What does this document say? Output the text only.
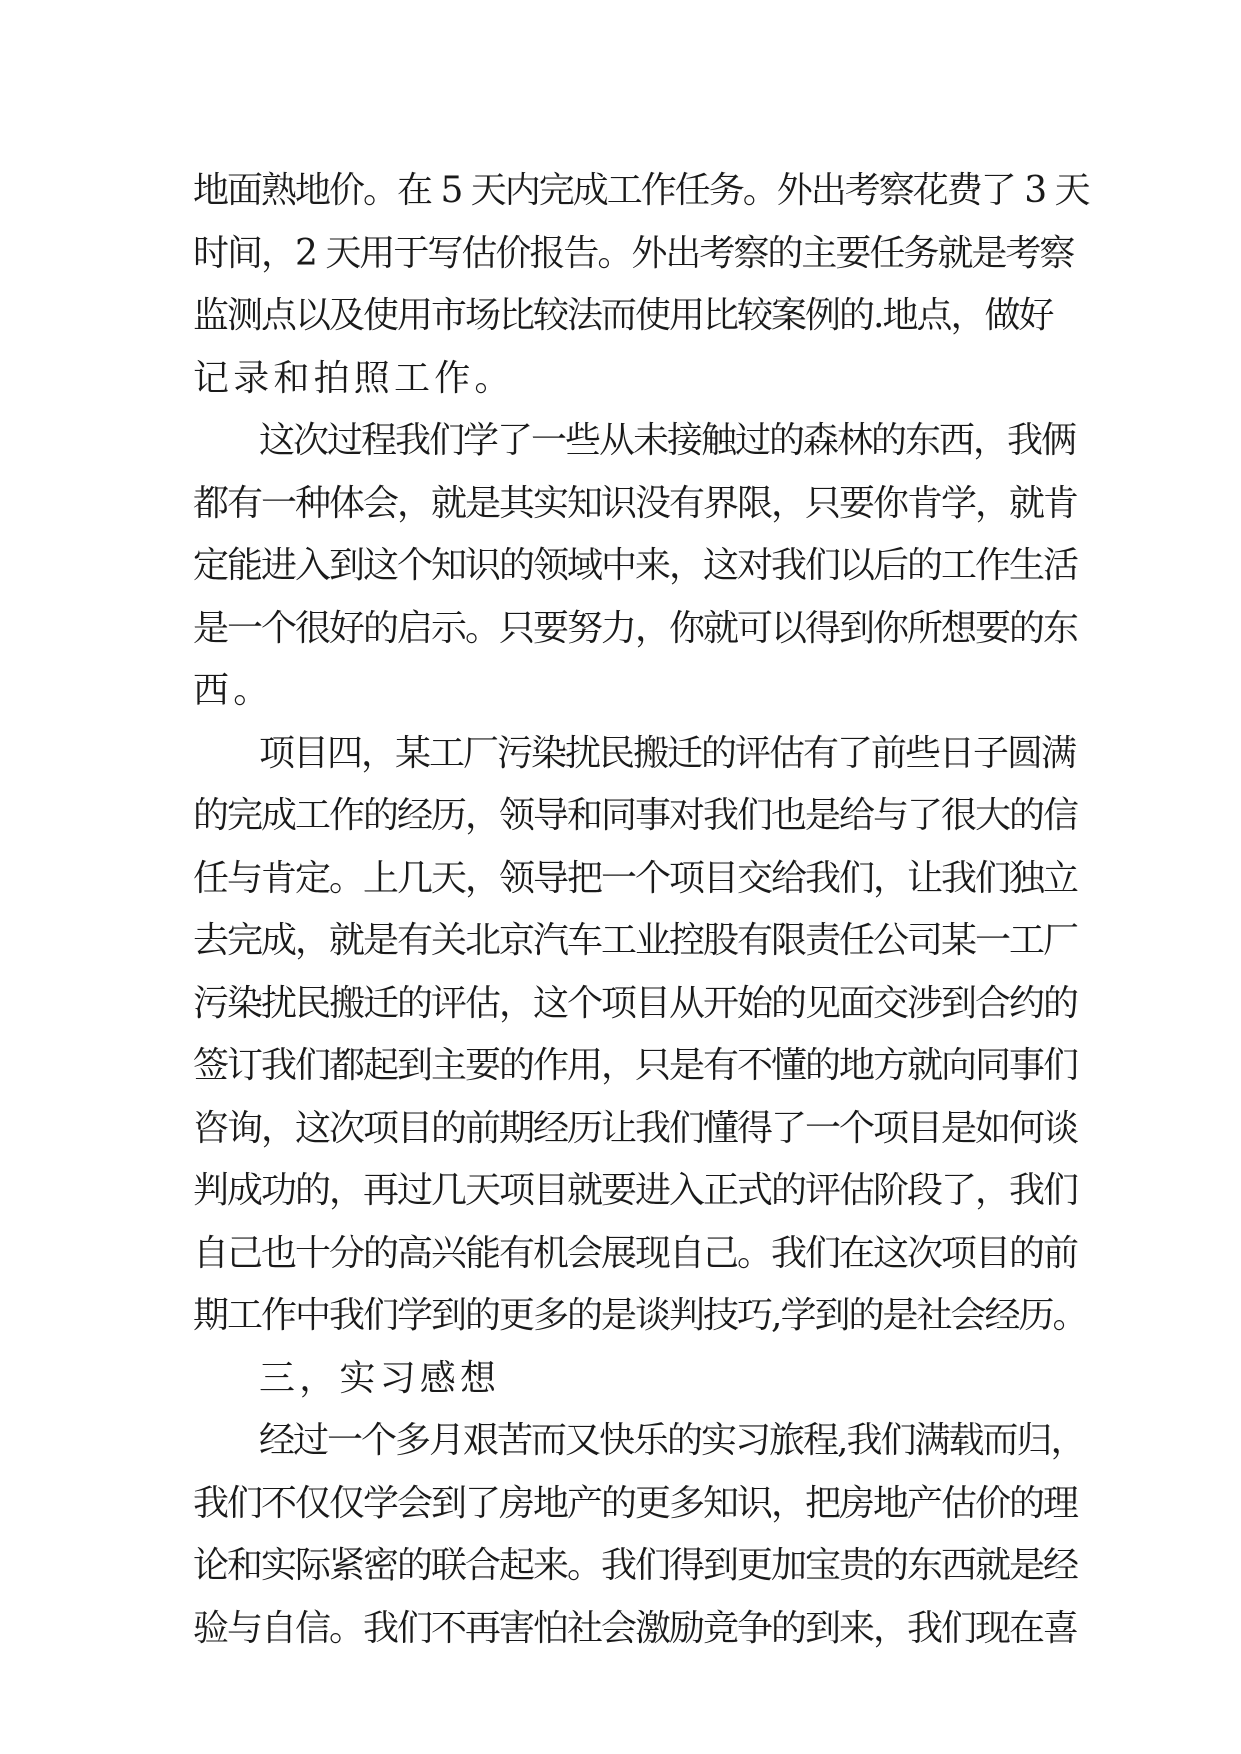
地面熟地价。在 5 天内完成工作任务。外出考察花费了 3 天
时间，2 天用于写估价报告。外出考察的主要任务就是考察
监测点以及使用市场比较法而使用比较案例的.地点，做好
记录和拍照工作。
这次过程我们学了一些从未接触过的森林的东西，我俩
都有一种体会，就是其实知识没有界限，只要你肯学，就肯
定能进入到这个知识的领域中来，这对我们以后的工作生活
是一个很好的启示。只要努力，你就可以得到你所想要的东
西。
项目四，某工厂污染扰民搬迁的评估有了前些日子圆满
的完成工作的经历，领导和同事对我们也是给与了很大的信
任与肯定。上几天，领导把一个项目交给我们，让我们独立
去完成，就是有关北京汽车工业控股有限责任公司某一工厂
污染扰民搬迁的评估，这个项目从开始的见面交涉到合约的
签订我们都起到主要的作用，只是有不懂的地方就向同事们
咨询，这次项目的前期经历让我们懂得了一个项目是如何谈
判成功的，再过几天项目就要进入正式的评估阶段了，我们
自己也十分的高兴能有机会展现自己。我们在这次项目的前
期工作中我们学到的更多的是谈判技巧,学到的是社会经历。
三，实习感想
经过一个多月艰苦而又快乐的实习旅程,我们满载而归，
我们不仅仅学会到了房地产的更多知识，把房地产估价的理
论和实际紧密的联合起来。我们得到更加宝贵的东西就是经
验与自信。我们不再害怕社会激励竞争的到来，我们现在喜
